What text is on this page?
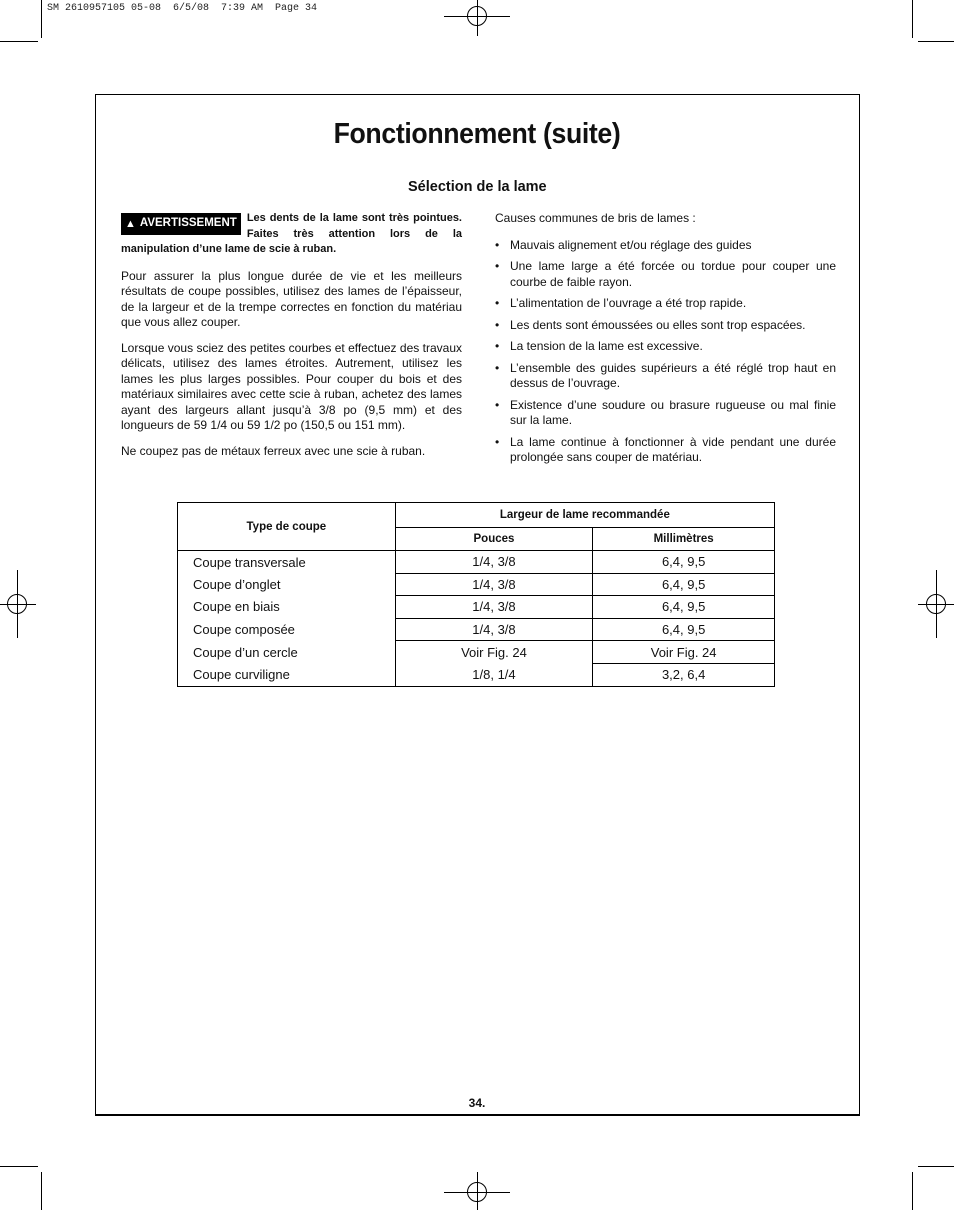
SM 2610957105 05-08  6/5/08  7:39 AM  Page 34
Fonctionnement (suite)
Sélection de la lame
▲ AVERTISSEMENT Les dents de la lame sont très pointues. Faites très attention lors de la manipulation d’une lame de scie à ruban.

Pour assurer la plus longue durée de vie et les meilleurs résultats de coupe possibles, utilisez des lames de l’épaisseur, de la largeur et de la trempe correctes en fonction du matériau que vous allez couper.

Lorsque vous sciez des petites courbes et effectuez des travaux délicats, utilisez des lames étroites. Autrement, utilisez les lames les plus larges possibles. Pour couper du bois et des matériaux similaires avec cette scie à ruban, achetez des lames ayant des largeurs allant jusqu’à 3/8 po (9,5 mm) et des longueurs de 59 1/4 ou 59 1/2 po (150,5 ou 151 mm).

Ne coupez pas de métaux ferreux avec une scie à ruban.

Causes communes de bris de lames :

• Mauvais alignement et/ou réglage des guides
• Une lame large a été forcée ou tordue pour couper une courbe de faible rayon.
• L’alimentation de l’ouvrage a été trop rapide.
• Les dents sont émoussées ou elles sont trop espacées.
• La tension de la lame est excessive.
• L’ensemble des guides supérieurs a été réglé trop haut en dessus de l’ouvrage.
• Existence d’une soudure ou brasure rugueuse ou mal finie sur la lame.
• La lame continue à fonctionner à vide pendant une durée prolongée sans couper de matériau.
Type de coupe	Largeur de lame recommandée	
	Pouces	Millimètres
Coupe transversale	1/4, 3/8	6,4, 9,5
Coupe d’onglet	1/4, 3/8	6,4, 9,5
Coupe en biais	1/4, 3/8	6,4, 9,5
Coupe composée	1/4, 3/8	6,4, 9,5
Coupe d’un cercle	Voir Fig. 24	Voir Fig. 24
Coupe curviligne	1/8, 1/4	3,2, 6,4
34.
